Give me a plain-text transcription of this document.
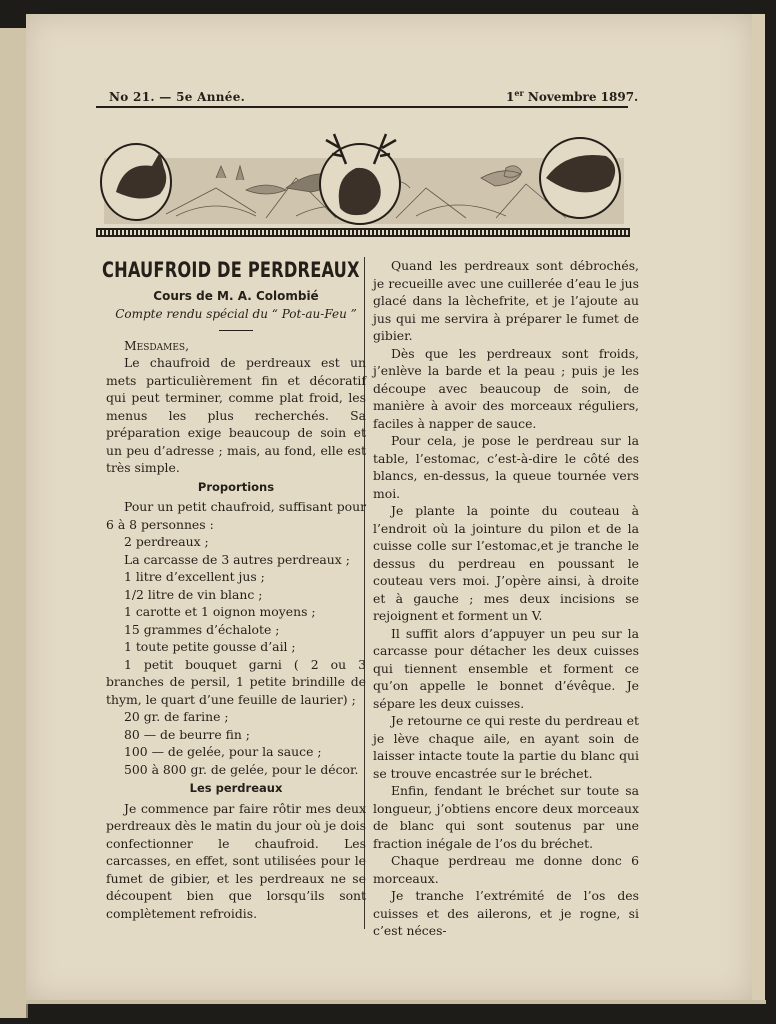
No 21. — 5e Année.	1er Novembre 1897.
CHAUFROID DE PERDREAUX
Cours de M. A. Colombié
Compte rendu spécial du “ Pot-au-Feu ”
Mesdames,

Le chaufroid de perdreaux est un mets particulièrement fin et décoratif qui peut terminer, comme plat froid, les menus les plus recherchés. Sa préparation exige beaucoup de soin et un peu d’adresse ; mais, au fond, elle est très simple.

Proportions

Pour un petit chaufroid, suffisant pour 6 à 8 personnes :

2 perdreaux ;
La carcasse de 3 autres perdreaux ;
1 litre d’excellent jus ;
1/2 litre de vin blanc ;
1 carotte et 1 oignon moyens ;
15 grammes d’échalote ;
1 toute petite gousse d’ail ;
1 petit bouquet garni ( 2 ou 3 branches de persil, 1 petite brindille de thym, le quart d’une feuille de laurier) ;
20 gr. de farine ;
80 — de beurre fin ;
100 — de gelée, pour la sauce ;
500 à 800 gr. de gelée, pour le décor.
Les perdreaux

Je commence par faire rôtir mes deux perdreaux dès le matin du jour où je dois confectionner le chaufroid. Les carcasses, en effet, sont utilisées pour le fumet de gibier, et les perdreaux ne se découpent bien que lorsqu’ils sont complètement refroidis.

Quand les perdreaux sont débrochés, je recueille avec une cuillerée d’eau le jus glacé dans la lèchefrite, et je l’ajoute au jus qui me servira à préparer le fumet de gibier.

Dès que les perdreaux sont froids, j’enlève la barde et la peau ; puis je les découpe avec beaucoup de soin, de manière à avoir des morceaux réguliers, faciles à napper de sauce.

Pour cela, je pose le perdreau sur la table, l’estomac, c’est-à-dire le côté des blancs, en-dessus, la queue tournée vers moi.

Je plante la pointe du couteau à l’endroit où la jointure du pilon et de la cuisse colle sur l’estomac,et je tranche le dessus du perdreau en poussant le couteau vers moi. J’opère ainsi, à droite et à gauche ; mes deux incisions se rejoignent et forment un V.

Il suffit alors d’appuyer un peu sur la carcasse pour détacher les deux cuisses qui tiennent ensemble et forment ce qu’on appelle le bonnet d’évêque. Je sépare les deux cuisses.

Je retourne ce qui reste du perdreau et je lève chaque aile, en ayant soin de laisser intacte toute la partie du blanc qui se trouve encastrée sur le bréchet.

Enfin, fendant le bréchet sur toute sa longueur, j’obtiens encore deux morceaux de blanc qui sont soutenus par une fraction inégale de l’os du bréchet.

Chaque perdreau me donne donc 6 morceaux.

Je tranche l’extrémité de l’os des cuisses et des ailerons, et je rogne, si c’est néces-
